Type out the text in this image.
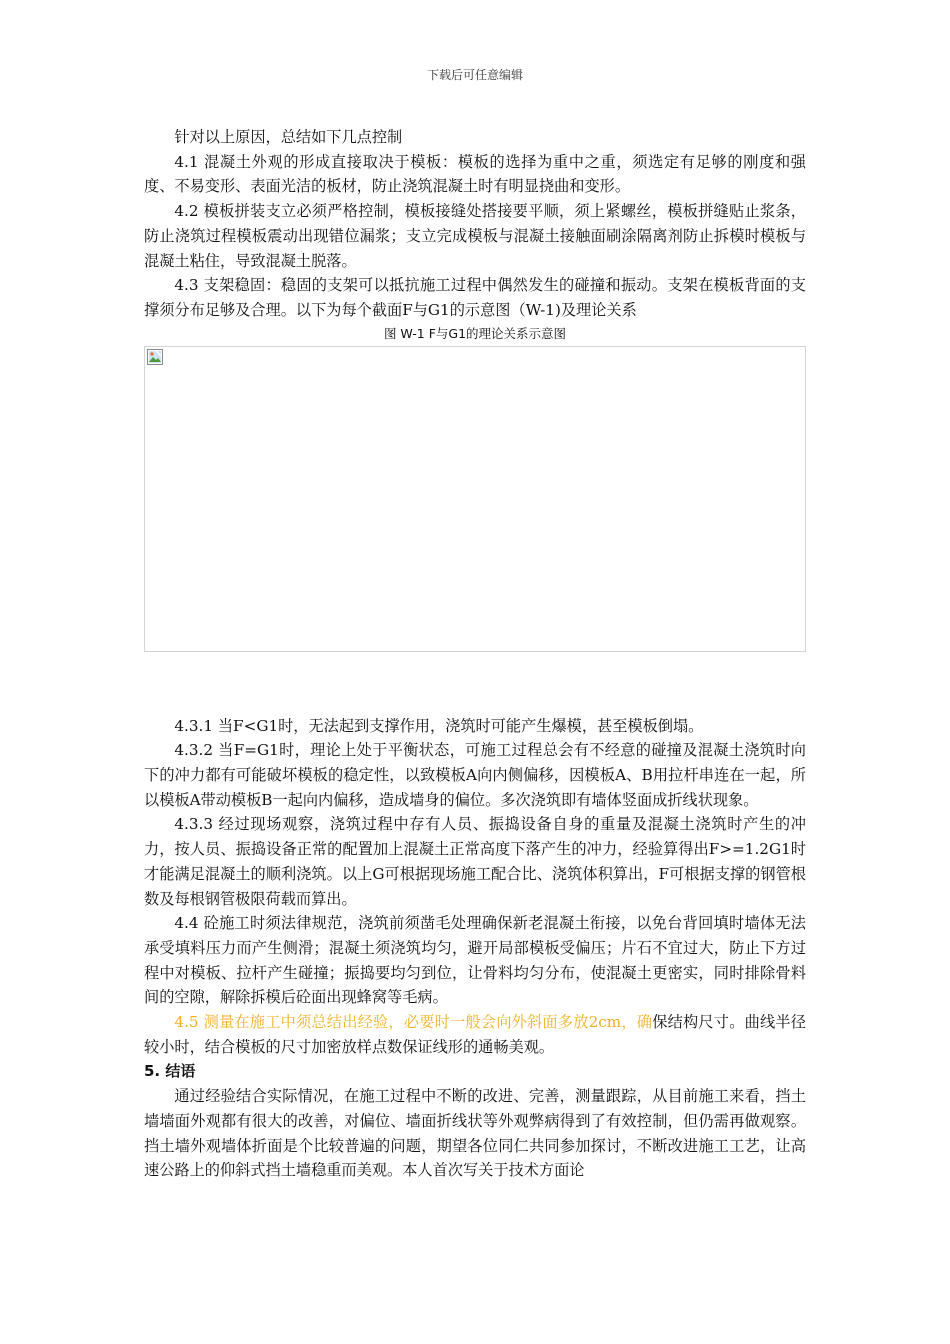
下载后可任意编辑

针对以上原因，总结如下几点控制

4.1 混凝土外观的形成直接取决于模板：模板的选择为重中之重，须选定有足够的刚度和强度、不易变形、表面光洁的板材，防止浇筑混凝土时有明显挠曲和变形。

4.2 模板拼装支立必须严格控制，模板接缝处搭接要平顺，须上紧螺丝，模板拼缝贴止浆条，防止浇筑过程模板震动出现错位漏浆；支立完成模板与混凝土接触面刷涂隔离剂防止拆模时模板与混凝土粘住，导致混凝土脱落。

4.3 支架稳固：稳固的支架可以抵抗施工过程中偶然发生的碰撞和振动。支架在模板背面的支撑须分布足够及合理。以下为每个截面F与G1的示意图（W-1)及理论关系

图 W-1 F与G1的理论关系示意图

4.3.1 当F<G1时，无法起到支撑作用，浇筑时可能产生爆模，甚至模板倒塌。

4.3.2 当F=G1时，理论上处于平衡状态，可施工过程总会有不经意的碰撞及混凝土浇筑时向下的冲力都有可能破坏模板的稳定性，以致模板A向内侧偏移，因模板A、B用拉杆串连在一起，所以模板A带动模板B一起向内偏移，造成墙身的偏位。多次浇筑即有墙体竖面成折线状现象。

4.3.3 经过现场观察，浇筑过程中存有人员、振捣设备自身的重量及混凝土浇筑时产生的冲力，按人员、振捣设备正常的配置加上混凝土正常高度下落产生的冲力，经验算得出F>=1.2G1时才能满足混凝土的顺利浇筑。以上G可根据现场施工配合比、浇筑体积算出，F可根据支撑的钢管根数及每根钢管极限荷载而算出。

4.4 砼施工时须法律规范，浇筑前须凿毛处理确保新老混凝土衔接，以免台背回填时墙体无法承受填料压力而产生侧滑；混凝土须浇筑均匀，避开局部模板受偏压；片石不宜过大，防止下方过程中对模板、拉杆产生碰撞；振捣要均匀到位，让骨料均匀分布，使混凝土更密实，同时排除骨料间的空隙，解除拆模后砼面出现蜂窝等毛病。

4.5 测量在施工中须总结出经验，必要时一般会向外斜面多放2cm，确保结构尺寸。曲线半径较小时，结合模板的尺寸加密放样点数保证线形的通畅美观。

5. 结语

通过经验结合实际情况，在施工过程中不断的改进、完善，测量跟踪，从目前施工来看，挡土墙墙面外观都有很大的改善，对偏位、墙面折线状等外观弊病得到了有效控制，但仍需再做观察。挡土墙外观墙体折面是个比较普遍的问题，期望各位同仁共同参加探讨，不断改进施工工艺，让高速公路上的仰斜式挡土墙稳重而美观。本人首次写关于技术方面论
